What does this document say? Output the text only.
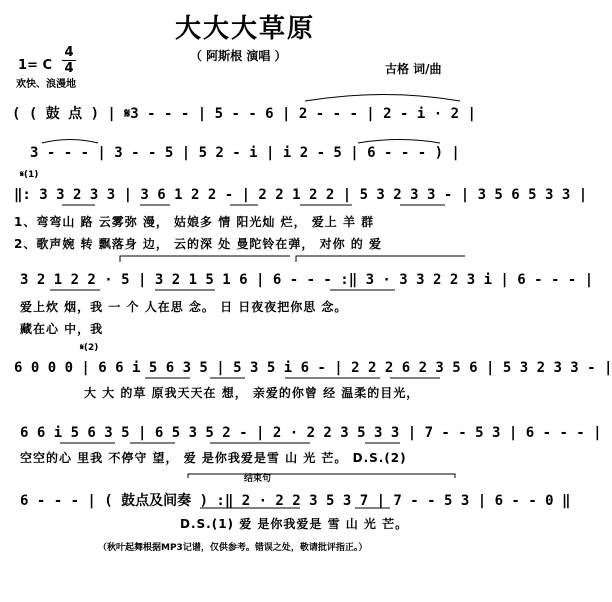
大大大草原
（ 阿斯根 演唱 ）
1= C
4
4
欢快、浪漫地
古格 词/曲
( ( 鼓 点 ) | 𝄋3 - - - | 5 - - 6 | 2 - - - | 2 - i · 2 |
3 - - - | 3 - - 5 | 5 2 - i | i 2 - 5 | 6 - - - ) |
𝄋(1)
‖: 3 3 2 3 3 | 3 6 1 2 2 - | 2 2 1 2 2 | 5 3 2 3 3 - | 3 5 6 5 3 3 |
3 2 1 2 2 · 5 | 3 2 1 5 1 6 | 6 - - - :‖ 3 · 3 3 2 2 3 i | 6 - - - |
𝄋(2)
6 0 0 0 | 6 6 i 5 6 3 5 | 5 3 5 i 6 - | 2 2 2 6 2 3 5 6 | 5 3 2 3 3 - |
6 6 i 5 6 3 5 | 6 5 3 5 2 - | 2 · 2 2 3 5 3 3 | 7 - - 5 3 | 6 - - - |
结束句
6 - - - | ( 鼓点及间奏 ) :‖ 2 · 2 2 3 5 3 7 | 7 - - 5 3 | 6 - - 0 ‖
1、弯弯山 路 云雾弥 漫， 姑娘多 情 阳光灿 烂， 爱上 羊 群
2、歌声婉 转 飘落身 边， 云的深 处 曼陀铃在弹， 对你 的 爱
爱上炊 烟，我 一 个 人在思 念。 日 日夜夜把你思 念。
藏在心 中，我
大 大 的草 原我天天在 想， 亲爱的你曾 经 温柔的目光，
空空的心 里我 不停守 望， 爱 是你我爱是雪 山 光 芒。 D.S.(2)
D.S.(1) 爱 是你我爱是 雪 山 光 芒。
（秋叶起舞根据MP3记谱，仅供参考。错误之处，敬请批评指正。）
